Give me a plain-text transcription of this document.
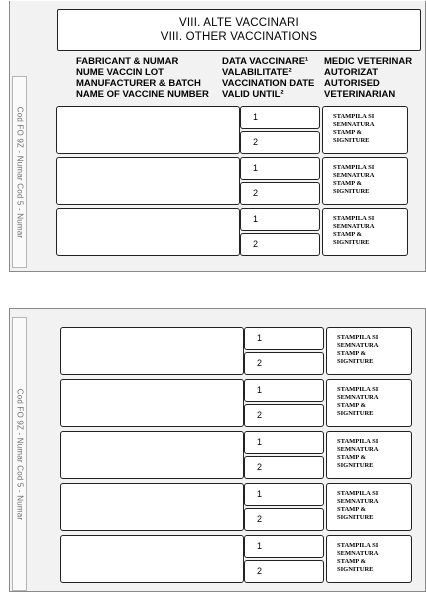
Cod FO 9Z - Numar Cod 5 - Numar
VIII. ALTE VACCINARI
VIII. OTHER VACCINATIONS
FABRICANT & NUMAR
NUME VACCIN LOT
MANUFACTURER & BATCH
NAME OF VACCINE NUMBER
DATA VACCINARE¹
VALABILITATE²
VACCINATION DATE
VALID UNTIL²
MEDIC VETERINAR
AUTORIZAT
AUTORISED
VETERINARIAN
1
2
STAMPILA SI
SEMNATURA
STAMP &
SIGNITURE
1
2
STAMPILA SI
SEMNATURA
STAMP &
SIGNITURE
1
2
STAMPILA SI
SEMNATURA
STAMP &
SIGNITURE
Cod FO 9Z - Numar Cod 5 - Numar
1
2
STAMPILA SI
SEMNATURA
STAMP &
SIGNITURE
1
2
STAMPILA SI
SEMNATURA
STAMP &
SIGNITURE
1
2
STAMPILA SI
SEMNATURA
STAMP &
SIGNITURE
1
2
STAMPILA SI
SEMNATURA
STAMP &
SIGNITURE
1
2
STAMPILA SI
SEMNATURA
STAMP &
SIGNITURE
